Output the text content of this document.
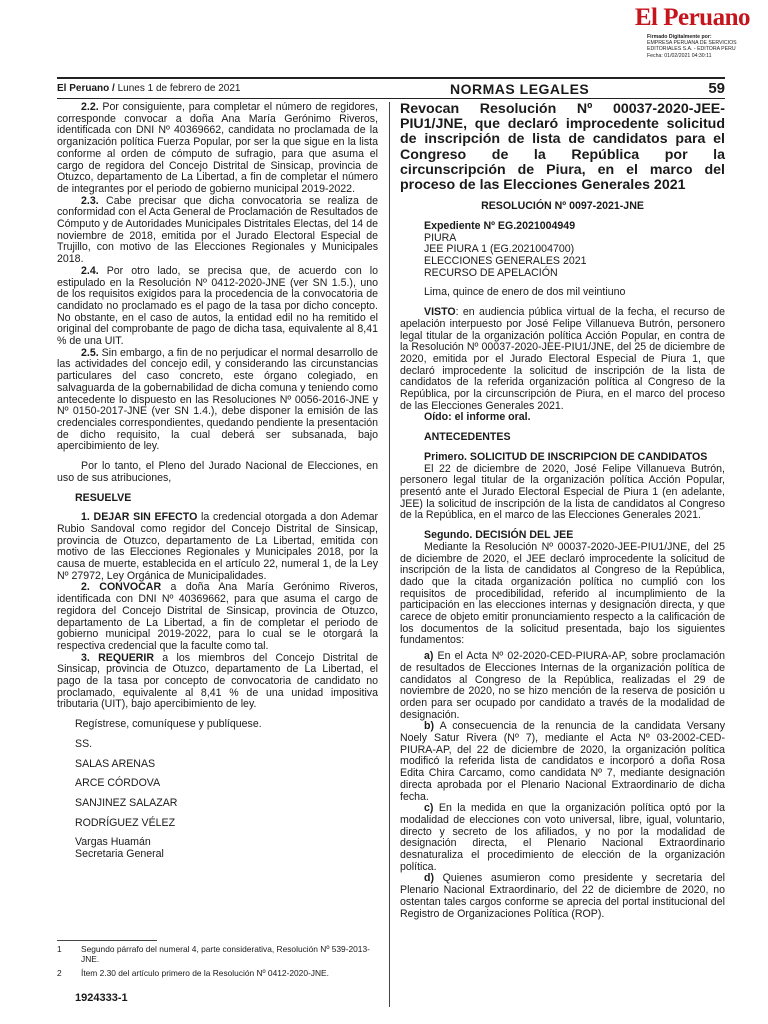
El Peruano
Firmado Digitalmente por:
EMPRESA PERUANA DE SERVICIOS
EDITORIALES S.A. - EDITORA PERU
Fecha: 01/02/2021 04:30:11
El Peruano / Lunes 1 de febrero de 2021	NORMAS LEGALES	59

2.2. Por consiguiente, para completar el número de regidores, corresponde convocar a doña Ana María Gerónimo Riveros, identificada con DNI Nº 40369662, candidata no proclamada de la organización política Fuerza Popular, por ser la que sigue en la lista conforme al orden de cómputo de sufragio, para que asuma el cargo de regidora del Concejo Distrital de Sinsicap, provincia de Otuzco, departamento de La Libertad, a fin de completar el número de integrantes por el periodo de gobierno municipal 2019-2022.

2.3. Cabe precisar que dicha convocatoria se realiza de conformidad con el Acta General de Proclamación de Resultados de Cómputo y de Autoridades Municipales Distritales Electas, del 14 de noviembre de 2018, emitida por el Jurado Electoral Especial de Trujillo, con motivo de las Elecciones Regionales y Municipales 2018.

2.4. Por otro lado, se precisa que, de acuerdo con lo estipulado en la Resolución Nº 0412-2020-JNE (ver SN 1.5.), uno de los requisitos exigidos para la procedencia de la convocatoria de candidato no proclamado es el pago de la tasa por dicho concepto. No obstante, en el caso de autos, la entidad edil no ha remitido el original del comprobante de pago de dicha tasa, equivalente al 8,41 % de una UIT.

2.5. Sin embargo, a fin de no perjudicar el normal desarrollo de las actividades del concejo edil, y considerando las circunstancias particulares del caso concreto, este órgano colegiado, en salvaguarda de la gobernabilidad de dicha comuna y teniendo como antecedente lo dispuesto en las Resoluciones Nº 0056-2016-JNE y Nº 0150-2017-JNE (ver SN 1.4.), debe disponer la emisión de las credenciales correspondientes, quedando pendiente la presentación de dicho requisito, la cual deberá ser subsanada, bajo apercibimiento de ley.

Por lo tanto, el Pleno del Jurado Nacional de Elecciones, en uso de sus atribuciones,

RESUELVE

1. DEJAR SIN EFECTO la credencial otorgada a don Ademar Rubio Sandoval como regidor del Concejo Distrital de Sinsicap, provincia de Otuzco, departamento de La Libertad, emitida con motivo de las Elecciones Regionales y Municipales 2018, por la causa de muerte, establecida en el artículo 22, numeral 1, de la Ley Nº 27972, Ley Orgánica de Municipalidades.

2. CONVOCAR a doña Ana María Gerónimo Riveros, identificada con DNI Nº 40369662, para que asuma el cargo de regidora del Concejo Distrital de Sinsicap, provincia de Otuzco, departamento de La Libertad, a fin de completar el periodo de gobierno municipal 2019-2022, para lo cual se le otorgará la respectiva credencial que la faculte como tal.

3. REQUERIR a los miembros del Concejo Distrital de Sinsicap, provincia de Otuzco, departamento de La Libertad, el pago de la tasa por concepto de convocatoria de candidato no proclamado, equivalente al 8,41 % de una unidad impositiva tributaria (UIT), bajo apercibimiento de ley.

Regístrese, comuníquese y publíquese.

SS.

SALAS ARENAS

ARCE CÓRDOVA

SANJINEZ SALAZAR

RODRÍGUEZ VÉLEZ

Vargas Huamán

Secretaria General

1	Segundo párrafo del numeral 4, parte considerativa, Resolución Nº 539-2013-JNE.
2	Ítem 2.30 del artículo primero de la Resolución Nº 0412-2020-JNE.
1924333-1

Revocan Resolución Nº 00037-2020-JEE-PIU1/JNE, que declaró improcedente solicitud de inscripción de lista de candidatos para el Congreso de la República por la circunscripción de Piura, en el marco del proceso de las Elecciones Generales 2021

RESOLUCIÓN Nº 0097-2021-JNE

Expediente Nº EG.2021004949

PIURA

JEE PIURA 1 (EG.2021004700)

ELECCIONES GENERALES 2021

RECURSO DE APELACIÓN

Lima, quince de enero de dos mil veintiuno

VISTO: en audiencia pública virtual de la fecha, el recurso de apelación interpuesto por José Felipe Villanueva Butrón, personero legal titular de la organización política Acción Popular, en contra de la Resolución Nº 00037-2020-JEE-PIU1/JNE, del 25 de diciembre de 2020, emitida por el Jurado Electoral Especial de Piura 1, que declaró improcedente la solicitud de inscripción de la lista de candidatos de la referida organización política al Congreso de la República, por la circunscripción de Piura, en el marco del proceso de las Elecciones Generales 2021.

Oído: el informe oral.

ANTECEDENTES

Primero. SOLICITUD DE INSCRIPCION DE CANDIDATOS

El 22 de diciembre de 2020, José Felipe Villanueva Butrón, personero legal titular de la organización política Acción Popular, presentó ante el Jurado Electoral Especial de Piura 1 (en adelante, JEE) la solicitud de inscripción de la lista de candidatos al Congreso de la República, en el marco de las Elecciones Generales 2021.

Segundo. DECISIÓN DEL JEE

Mediante la Resolución Nº 00037-2020-JEE-PIU1/JNE, del 25 de diciembre de 2020, el JEE declaró improcedente la solicitud de inscripción de la lista de candidatos al Congreso de la República, dado que la citada organización política no cumplió con los requisitos de procedibilidad, referido al incumplimiento de la participación en las elecciones internas y designación directa, y que carece de objeto emitir pronunciamiento respecto a la calificación de los documentos de la solicitud presentada, bajo los siguientes fundamentos:

a) En el Acta Nº 02-2020-CED-PIURA-AP, sobre proclamación de resultados de Elecciones Internas de la organización política de candidatos al Congreso de la República, realizadas el 29 de noviembre de 2020, no se hizo mención de la reserva de posición u orden para ser ocupado por candidato a través de la modalidad de designación.

b) A consecuencia de la renuncia de la candidata Versany Noely Satur Rivera (Nº 7), mediante el Acta Nº 03-2002-CED-PIURA-AP, del 22 de diciembre de 2020, la organización política modificó la referida lista de candidatos e incorporó a doña Rosa Edita Chira Carcamo, como candidata Nº 7, mediante designación directa aprobada por el Plenario Nacional Extraordinario de dicha fecha.

c) En la medida en que la organización política optó por la modalidad de elecciones con voto universal, libre, igual, voluntario, directo y secreto de los afiliados, y no por la modalidad de designación directa, el Plenario Nacional Extraordinario desnaturaliza el procedimiento de elección de la organización política.

d) Quienes asumieron como presidente y secretaria del Plenario Nacional Extraordinario, del 22 de diciembre de 2020, no ostentan tales cargos conforme se aprecia del portal institucional del Registro de Organizaciones Política (ROP).
